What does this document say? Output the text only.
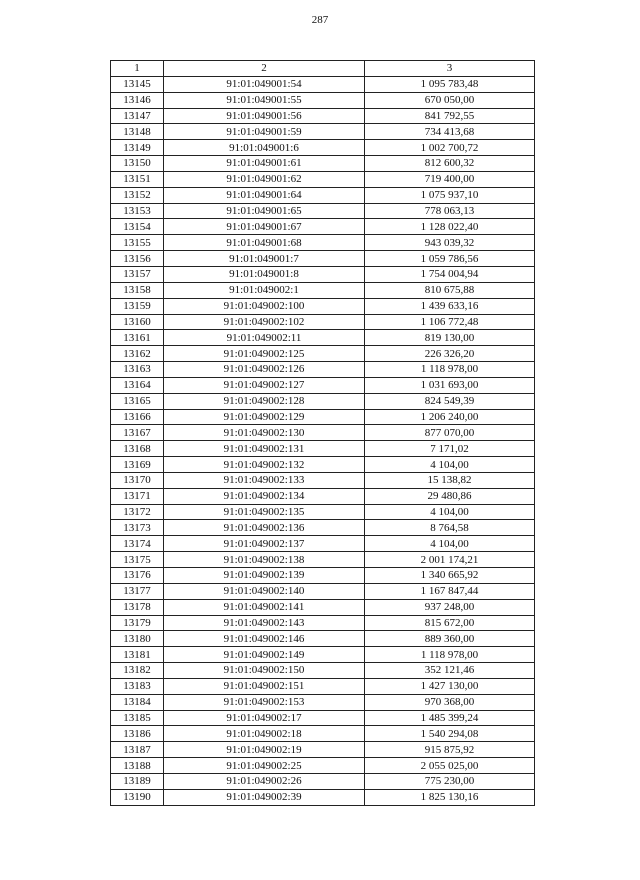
287
1	2	3
13145	91:01:049001:54	1 095 783,48
13146	91:01:049001:55	670 050,00
13147	91:01:049001:56	841 792,55
13148	91:01:049001:59	734 413,68
13149	91:01:049001:6	1 002 700,72
13150	91:01:049001:61	812 600,32
13151	91:01:049001:62	719 400,00
13152	91:01:049001:64	1 075 937,10
13153	91:01:049001:65	778 063,13
13154	91:01:049001:67	1 128 022,40
13155	91:01:049001:68	943 039,32
13156	91:01:049001:7	1 059 786,56
13157	91:01:049001:8	1 754 004,94
13158	91:01:049002:1	810 675,88
13159	91:01:049002:100	1 439 633,16
13160	91:01:049002:102	1 106 772,48
13161	91:01:049002:11	819 130,00
13162	91:01:049002:125	226 326,20
13163	91:01:049002:126	1 118 978,00
13164	91:01:049002:127	1 031 693,00
13165	91:01:049002:128	824 549,39
13166	91:01:049002:129	1 206 240,00
13167	91:01:049002:130	877 070,00
13168	91:01:049002:131	7 171,02
13169	91:01:049002:132	4 104,00
13170	91:01:049002:133	15 138,82
13171	91:01:049002:134	29 480,86
13172	91:01:049002:135	4 104,00
13173	91:01:049002:136	8 764,58
13174	91:01:049002:137	4 104,00
13175	91:01:049002:138	2 001 174,21
13176	91:01:049002:139	1 340 665,92
13177	91:01:049002:140	1 167 847,44
13178	91:01:049002:141	937 248,00
13179	91:01:049002:143	815 672,00
13180	91:01:049002:146	889 360,00
13181	91:01:049002:149	1 118 978,00
13182	91:01:049002:150	352 121,46
13183	91:01:049002:151	1 427 130,00
13184	91:01:049002:153	970 368,00
13185	91:01:049002:17	1 485 399,24
13186	91:01:049002:18	1 540 294,08
13187	91:01:049002:19	915 875,92
13188	91:01:049002:25	2 055 025,00
13189	91:01:049002:26	775 230,00
13190	91:01:049002:39	1 825 130,16
